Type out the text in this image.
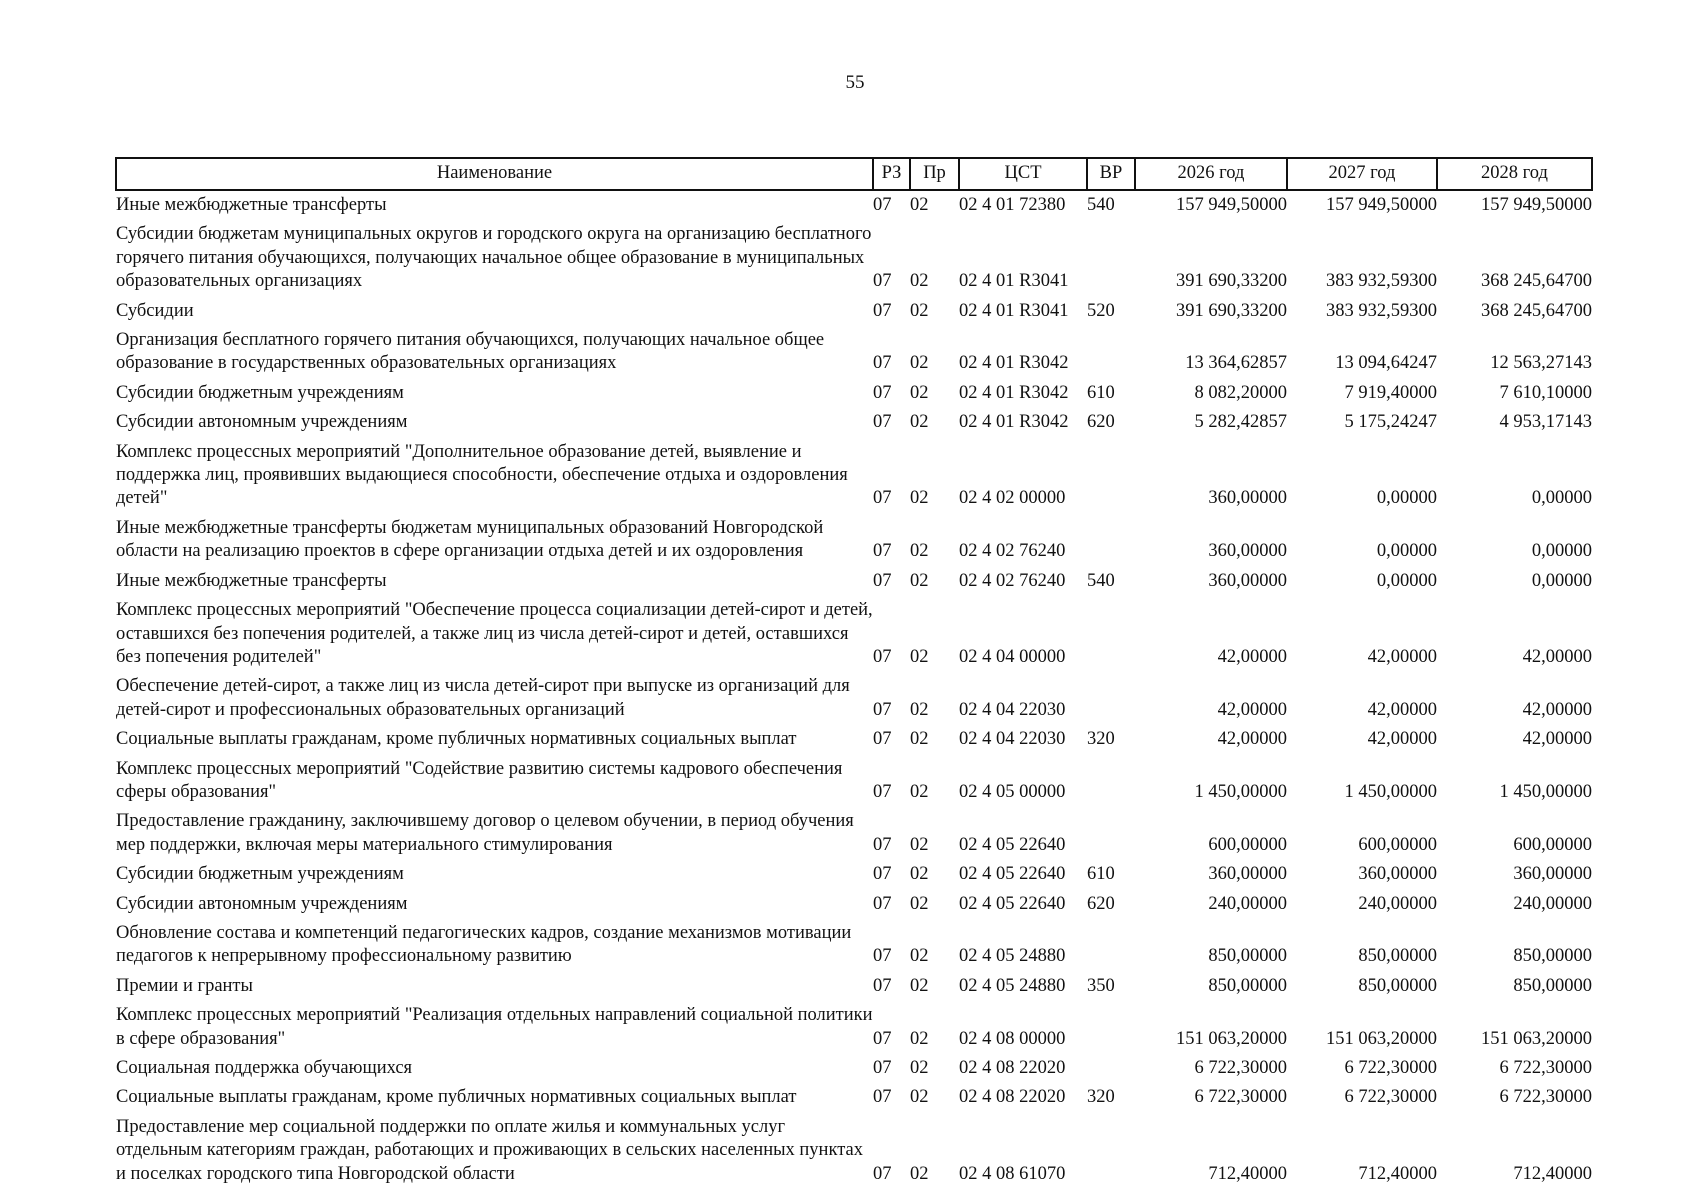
55
Наименование	РЗ	Пр	ЦСТ	ВР	2026 год	2027 год	2028 год
Иные межбюджетные трансферты	07	02	02 4 01 72380	540	157 949,50000	157 949,50000	157 949,50000
Субсидии бюджетам муниципальных округов и городского округа на организацию бесплатного горячего питания обучающихся, получающих начальное общее образование в муниципальных образовательных организациях	07	02	02 4 01 R3041		391 690,33200	383 932,59300	368 245,64700
Субсидии	07	02	02 4 01 R3041	520	391 690,33200	383 932,59300	368 245,64700
Организация бесплатного горячего питания обучающихся, получающих начальное общее образование в государственных образовательных организациях	07	02	02 4 01 R3042		13 364,62857	13 094,64247	12 563,27143
Субсидии бюджетным учреждениям	07	02	02 4 01 R3042	610	8 082,20000	7 919,40000	7 610,10000
Субсидии автономным учреждениям	07	02	02 4 01 R3042	620	5 282,42857	5 175,24247	4 953,17143
Комплекс процессных мероприятий "Дополнительное образование детей, выявление и поддержка лиц, проявивших выдающиеся способности, обеспечение отдыха и оздоровления детей"	07	02	02 4 02 00000		360,00000	0,00000	0,00000
Иные межбюджетные трансферты бюджетам муниципальных образований Новгородской области на реализацию проектов в сфере организации отдыха детей и их оздоровления	07	02	02 4 02 76240		360,00000	0,00000	0,00000
Иные межбюджетные трансферты	07	02	02 4 02 76240	540	360,00000	0,00000	0,00000
Комплекс процессных мероприятий "Обеспечение процесса социализации детей-сирот и детей, оставшихся без попечения родителей, а также лиц из числа детей-сирот и детей, оставшихся без попечения родителей"	07	02	02 4 04 00000		42,00000	42,00000	42,00000
Обеспечение детей-сирот, а также лиц из числа детей-сирот при выпуске из организаций для детей-сирот и профессиональных образовательных организаций	07	02	02 4 04 22030		42,00000	42,00000	42,00000
Социальные выплаты гражданам, кроме публичных нормативных социальных выплат	07	02	02 4 04 22030	320	42,00000	42,00000	42,00000
Комплекс процессных мероприятий "Содействие развитию системы кадрового обеспечения сферы образования"	07	02	02 4 05 00000		1 450,00000	1 450,00000	1 450,00000
Предоставление гражданину, заключившему договор о целевом обучении, в период обучения мер поддержки, включая меры материального стимулирования	07	02	02 4 05 22640		600,00000	600,00000	600,00000
Субсидии бюджетным учреждениям	07	02	02 4 05 22640	610	360,00000	360,00000	360,00000
Субсидии автономным учреждениям	07	02	02 4 05 22640	620	240,00000	240,00000	240,00000
Обновление состава и компетенций педагогических кадров, создание механизмов мотивации педагогов к непрерывному профессиональному развитию	07	02	02 4 05 24880		850,00000	850,00000	850,00000
Премии и гранты	07	02	02 4 05 24880	350	850,00000	850,00000	850,00000
Комплекс процессных мероприятий "Реализация отдельных направлений социальной политики в сфере образования"	07	02	02 4 08 00000		151 063,20000	151 063,20000	151 063,20000
Социальная поддержка обучающихся	07	02	02 4 08 22020		6 722,30000	6 722,30000	6 722,30000
Социальные выплаты гражданам, кроме публичных нормативных социальных выплат	07	02	02 4 08 22020	320	6 722,30000	6 722,30000	6 722,30000
Предоставление мер социальной поддержки по оплате жилья и коммунальных услуг отдельным категориям граждан, работающих и проживающих в сельских населенных пунктах и поселках городского типа Новгородской области	07	02	02 4 08 61070		712,40000	712,40000	712,40000
